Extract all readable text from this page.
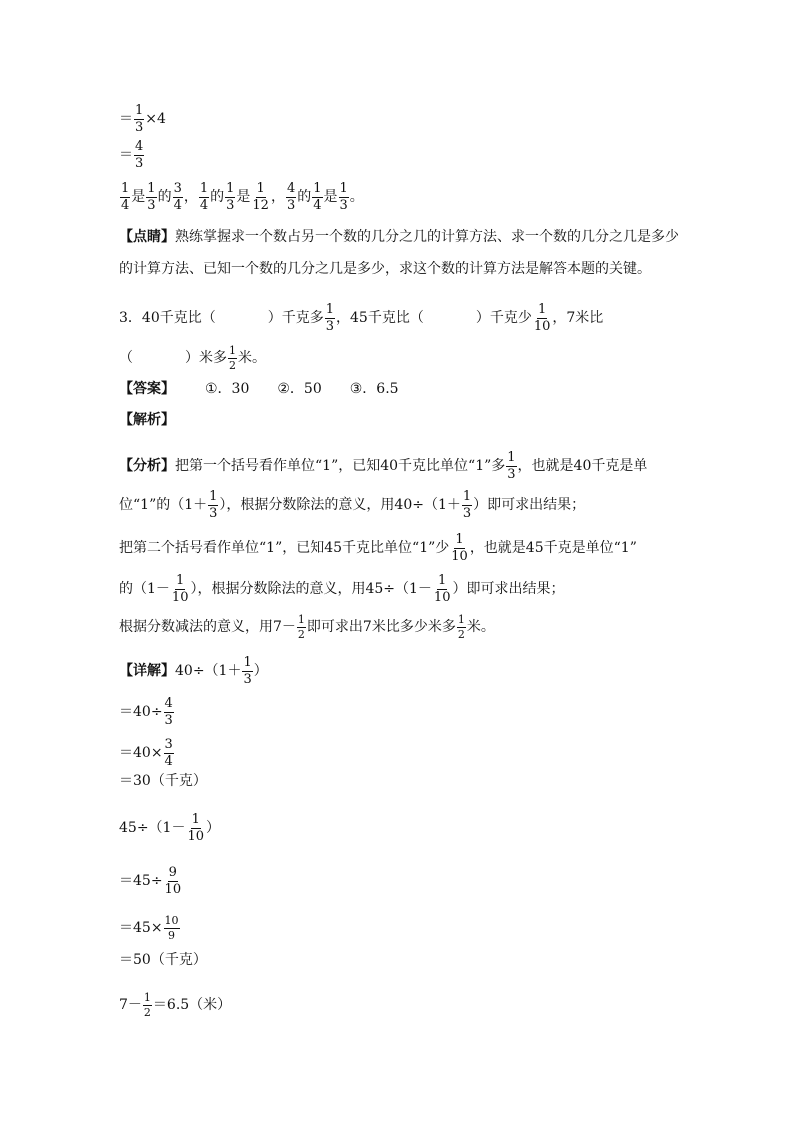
＝ $\frac{1}{3} \times 4$
＝ $\frac{4}{3}$
$\frac{1}{4}$ 是 $\frac{1}{3}$ 的 $\frac{3}{4}$ ， $\frac{1}{4}$ 的 $\frac{1}{3}$ 是 $\frac{1}{12}$ ， $\frac{4}{3}$ 的 $\frac{1}{4}$ 是 $\frac{1}{3}$ 。
【点睛】 熟练掌握求一个数占另一个数的几分之几的计算方法、求一个数的几分之几是多少
的计算方法、已知一个数的几分之几是多少，求这个数的计算方法是解答本题的关键。
3．40千克比（	）千克多 $\frac{1}{3}$ ，45千克比（	）千克少 $\frac{1}{10}$ ，7米比
（	）米多 $\frac{1}{2}$ 米。
【答案】 ①．30 ②．50 ③．6.5
【解析】
【分析】 把第一个括号看作单位“1”，已知40千克比单位“1”多 $\frac{1}{3}$ ，也就是40千克是单
位“1”的（$1+ \frac{1}{3}$ ），根据分数除法的意义，用$40\div(1+ \frac{1}{3}$ ）即可求出结果；
把第二个括号看作单位“1”，已知45千克比单位“1”少 $\frac{1}{10}$ ，也就是45千克是单位“1”
的（$1- \frac{1}{10}$ ），根据分数除法的意义，用$45\div(1- \frac{1}{10}$ ）即可求出结果；
根据分数减法的意义，用$7- \frac{1}{2}$ 即可求出7米比多少米多 $\frac{1}{2}$ 米。
【详解】 $40\div(1+ \frac{1}{3}$ ）
$=40\div \frac{4}{3}$
$=40\times \frac{3}{4}$
＝30（千克）
$45\div(1- \frac{1}{10}$ ）
$=45\div \frac{9}{10}$
$=45\times \frac{10}{9}$
＝50（千克）
$7- \frac{1}{2} =6.5$（米）
